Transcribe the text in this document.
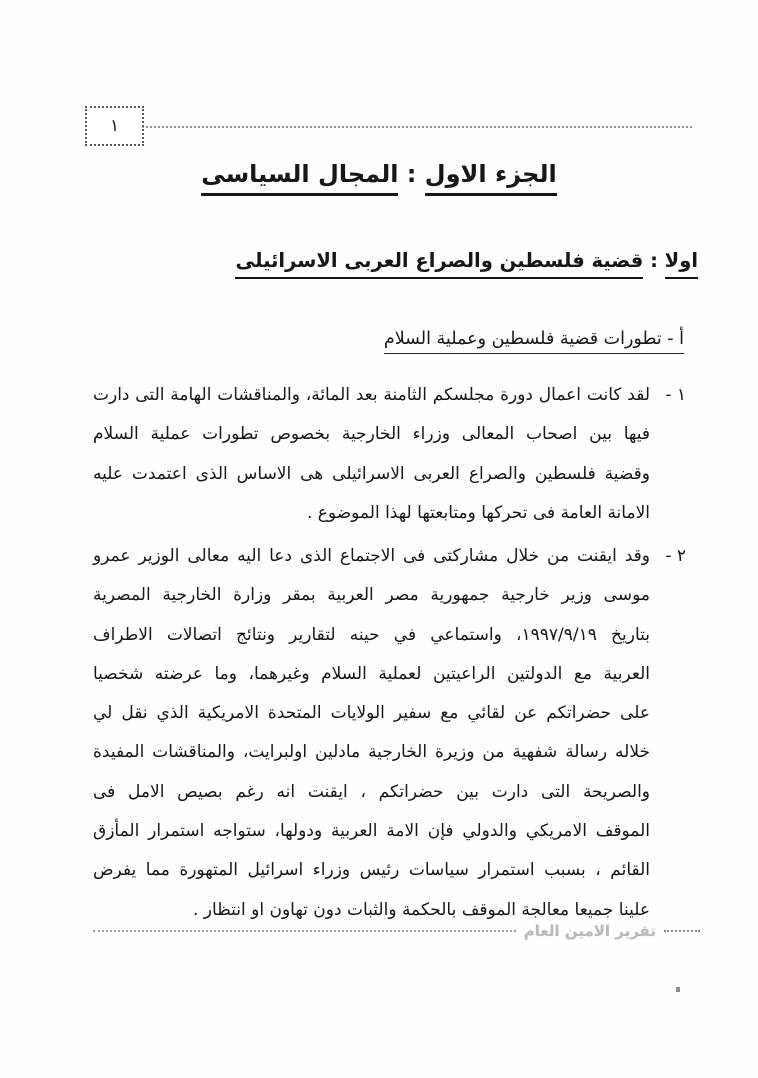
١
الجزء الاول : المجال السياسى
اولا : قضية فلسطين والصراع العربى الاسرائيلى
أ - تطورات قضية فلسطين وعملية السلام
١ -
لقد كانت اعمال دورة مجلسكم الثامنة بعد المائة، والمناقشات الهامة التى دارت
فيها بين اصحاب المعالى وزراء الخارجية بخصوص تطورات عملية السلام
وقضية فلسطين والصراع العربى الاسرائيلى هى الاساس الذى اعتمدت عليه
الامانة العامة فى تحركها ومتابعتها لهذا الموضوع .
٢ -
وقد ايقنت من خلال مشاركتى فى الاجتماع الذى دعا اليه معالى الوزير عمرو
موسى وزير خارجية جمهورية مصر العربية بمقر وزارة الخارجية المصرية
بتاريخ ١٩٩٧/٩/١٩، واستماعي في حينه لتقارير ونتائج اتصالات الاطراف
العربية مع الدولتين الراعيتين لعملية السلام وغيرهما، وما عرضته شخصيا
على حضراتكم عن لقائي مع سفير الولايات المتحدة الامريكية الذي نقل لي
خلاله رسالة شفهية من وزيرة الخارجية مادلين اولبرايت، والمناقشات المفيدة
والصريحة التى دارت بين حضراتكم ، ايقنت انه رغم بصيص الامل فى
الموقف الامريكي والدولي فإن الامة العربية ودولها، ستواجه استمرار المأزق
القائم ، بسبب استمرار سياسات رئيس وزراء اسرائيل المتهورة مما يفرض
علينا جميعا معالجة الموقف بالحكمة والثبات دون تهاون او انتظار .
تقرير الامين العام
